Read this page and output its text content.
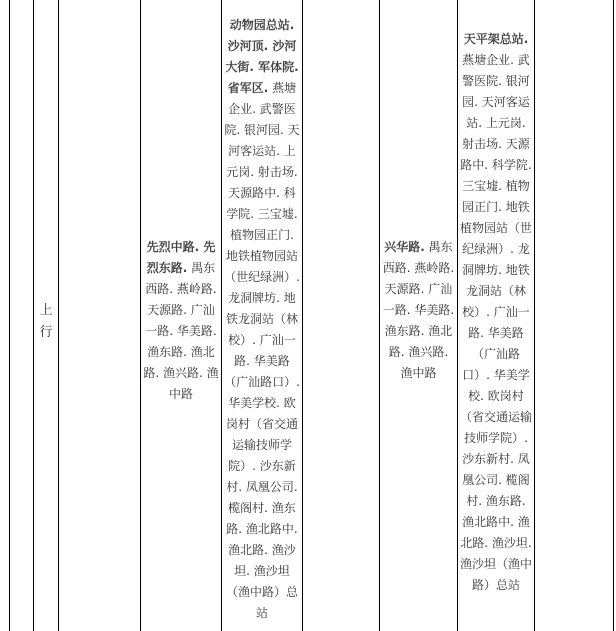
上行
先烈中路. 先烈东路. 禺东西路. 燕岭路. 天源路. 广汕一路. 华美路. 渔东路. 渔北路. 渔兴路. 渔中路
动物园总站. 沙河顶. 沙河大街. 军体院. 省军区. 燕塘企业. 武警医院. 银河园. 天河客运站. 上元岗. 射击场. 天源路中. 科学院. 三宝墟. 植物园正门. 地铁植物园站（世纪绿洲）. 龙洞牌坊. 地铁龙洞站（林校）. 广汕一路. 华美路（广汕路口）. 华美学校. 欧岗村（省交通运输技师学院）. 沙东新村. 凤凰公司. 榄阁村. 渔东路. 渔北路中. 渔北路. 渔沙坦. 渔沙坦（渔中路）总站
兴华路. 禺东西路. 燕岭路. 天源路. 广汕一路. 华美路. 渔东路. 渔北路. 渔兴路. 渔中路
天平架总站. 燕塘企业. 武警医院. 银河园. 天河客运站. 上元岗. 射击场. 天源路中. 科学院. 三宝墟. 植物园正门. 地铁植物园站（世纪绿洲）. 龙洞牌坊. 地铁龙洞站（林校）. 广汕一路. 华美路（广汕路口）. 华美学校. 欧岗村（省交通运输技师学院）. 沙东新村. 凤凰公司. 榄阁村. 渔东路. 渔北路中. 渔北路. 渔沙坦. 渔沙坦（渔中路）总站
